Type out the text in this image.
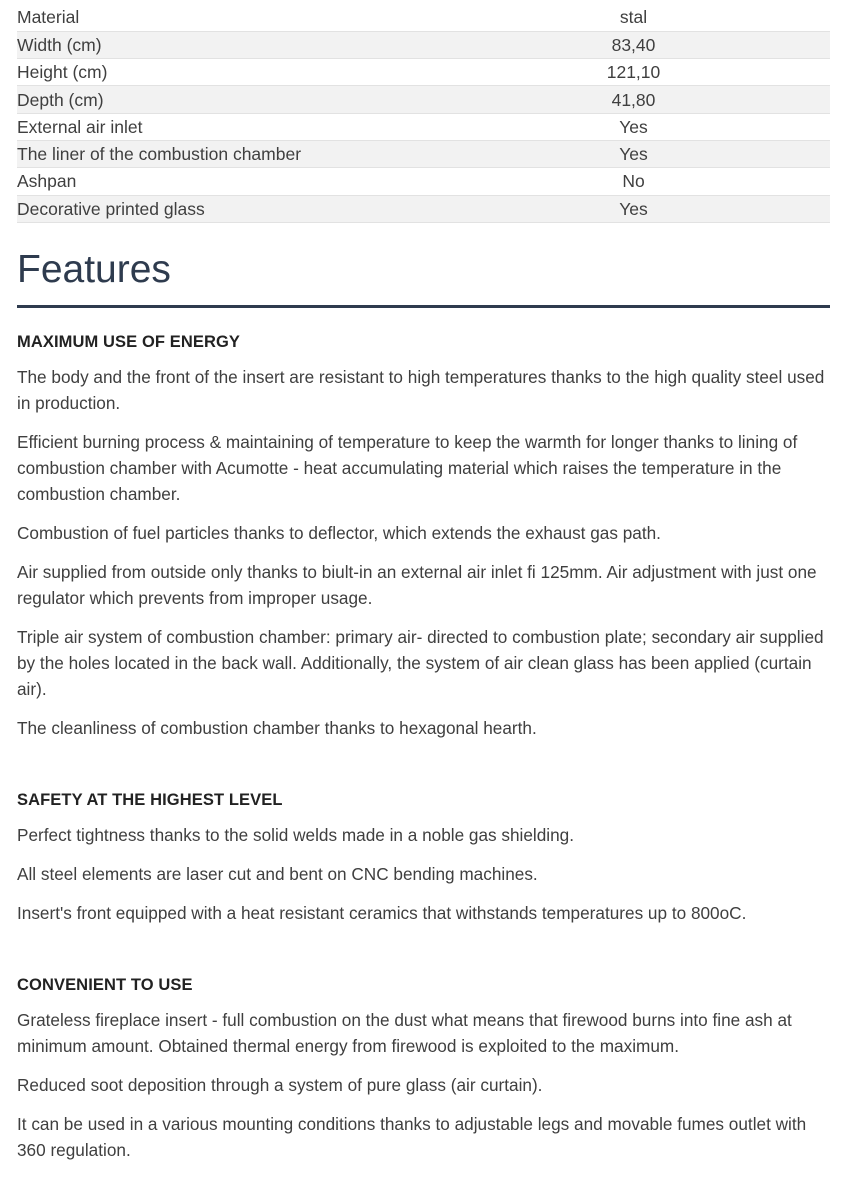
Material	stal
Width (cm)	83,40
Height (cm)	121,10
Depth (cm)	41,80
External air inlet	Yes
The liner of the combustion chamber	Yes
Ashpan	No
Decorative printed glass	Yes
Features
MAXIMUM USE OF ENERGY

The body and the front of the insert are resistant to high temperatures thanks to the high quality steel used in production.

Efficient burning process & maintaining of temperature to keep the warmth for longer thanks to lining of combustion chamber with Acumotte - heat accumulating material which raises the temperature in the combustion chamber.

Combustion of fuel particles thanks to deflector, which extends the exhaust gas path.

Air supplied from outside only thanks to biult-in an external air inlet fi 125mm. Air adjustment with just one regulator which prevents from improper usage.

Triple air system of combustion chamber: primary air- directed to combustion plate; secondary air supplied by the holes located in the back wall. Additionally, the system of air clean glass has been applied (curtain air).

The cleanliness of combustion chamber thanks to hexagonal hearth.

SAFETY AT THE HIGHEST LEVEL

Perfect tightness thanks to the solid welds made in a noble gas shielding.

All steel elements are laser cut and bent on CNC bending machines.

Insert's front equipped with a heat resistant ceramics that withstands temperatures up to 800oC.

CONVENIENT TO USE

Grateless fireplace insert - full combustion on the dust what means that firewood burns into fine ash at minimum amount. Obtained thermal energy from firewood is exploited to the maximum.

Reduced soot deposition through a system of pure glass (air curtain).

It can be used in a various mounting conditions thanks to adjustable legs and movable fumes outlet with 360 regulation.
